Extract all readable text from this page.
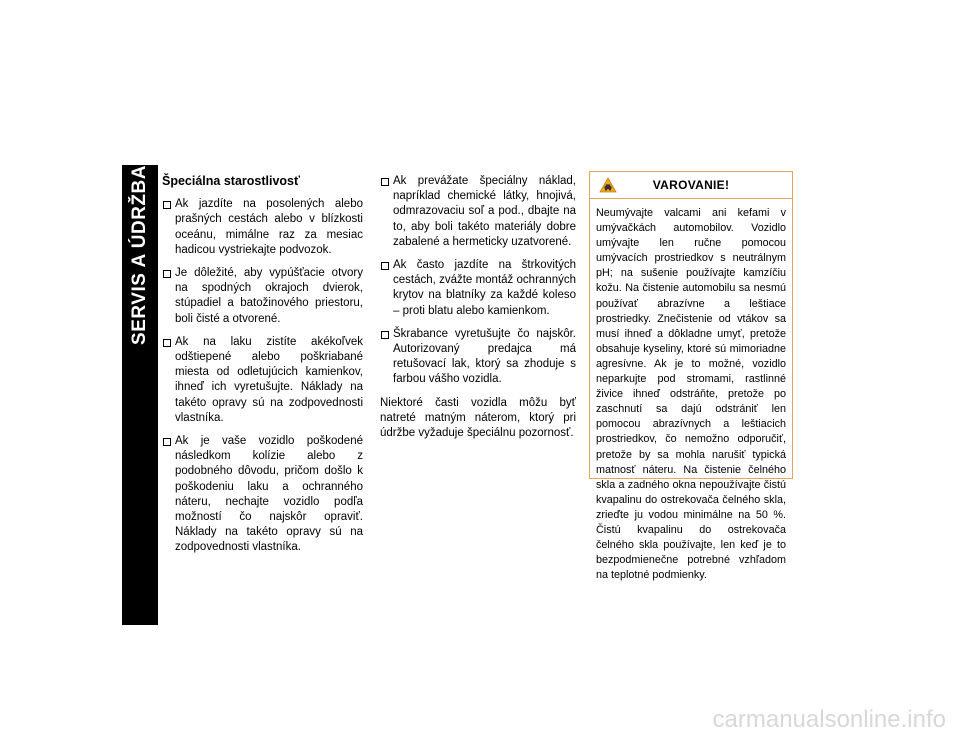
SERVIS A ÚDRŽBA
280
Špeciálna starostlivosť
Ak jazdíte na posolených alebo prašných cestách alebo v blízkosti oceánu, mimálne raz za mesiac hadicou vystriekajte podvozok.
Je dôležité, aby vypúšťacie otvory na spodných okrajoch dvierok, stúpadiel a batožinového priestoru, boli čisté a otvorené.
Ak na laku zistíte akékoľvek odštiepené alebo poškriabané miesta od odletujúcich kamienkov, ihneď ich vyretušujte. Náklady na takéto opravy sú na zodpovednosti vlastníka.
Ak je vaše vozidlo poškodené následkom kolízie alebo z podobného dôvodu, pričom došlo k poškodeniu laku a ochranného náteru, nechajte vozidlo podľa možností čo najskôr opraviť. Náklady na takéto opravy sú na zodpovednosti vlastníka.
Ak prevážate špeciálny náklad, napríklad chemické látky, hnojivá, odmrazovaciu soľ a pod., dbajte na to, aby boli takéto materiály dobre zabalené a hermeticky uzatvorené.
Ak často jazdíte na štrkovitých cestách, zvážte montáž ochranných krytov na blatníky za každé koleso – proti blatu alebo kamienkom.
Škrabance vyretušujte čo najskôr. Autorizovaný predajca má retušovací lak, ktorý sa zhoduje s farbou vášho vozidla.

Niektoré časti vozidla môžu byť natreté matným náterom, ktorý pri údržbe vyžaduje špeciálnu pozornosť.

VAROVANIE!
Neumývajte valcami ani kefami v umývačkách automobilov. Vozidlo umývajte len ručne pomocou umývacích prostriedkov s neutrálnym pH; na sušenie používajte kamzíčiu kožu. Na čistenie automobilu sa nesmú používať abrazívne a leštiace prostriedky. Znečistenie od vtákov sa musí ihneď a dôkladne umyť, pretože obsahuje kyseliny, ktoré sú mimoriadne agresívne. Ak je to možné, vozidlo neparkujte pod stromami, rastlinné živice ihneď odstráňte, pretože po zaschnutí sa dajú odstrániť len pomocou abrazívnych a leštiacich prostriedkov, čo nemožno odporučiť, pretože by sa mohla narušiť typická matnosť náteru. Na čistenie čelného skla a zadného okna nepoužívajte čistú kvapalinu do ostrekovača čelného skla, zrieďte ju vodou minimálne na 50 %. Čistú kvapalinu do ostrekovača čelného skla používajte, len keď je to bezpodmienečne potrebné vzhľadom na teplotné podmienky.
carmanualsonline.info
